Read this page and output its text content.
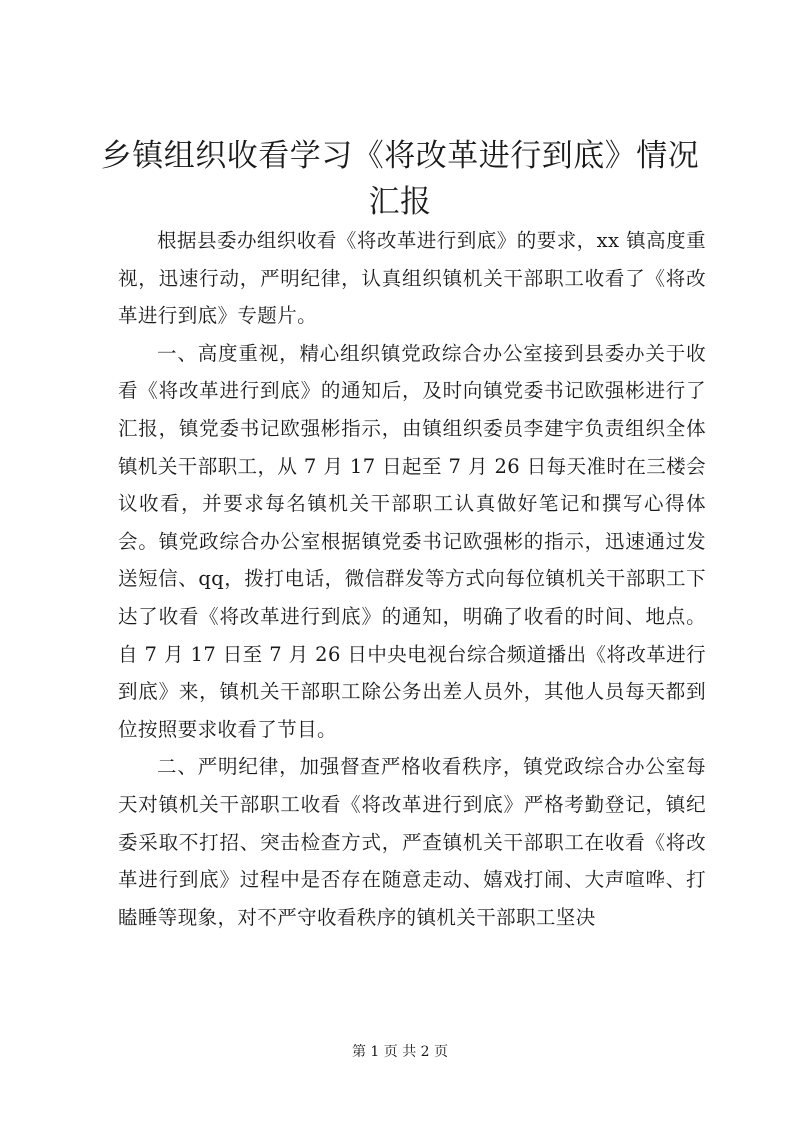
乡镇组织收看学习《将改革进行到底》情况汇报

根据县委办组织收看《将改革进行到底》的要求，xx 镇高度重视，迅速行动，严明纪律，认真组织镇机关干部职工收看了《将改革进行到底》专题片。

一、高度重视，精心组织镇党政综合办公室接到县委办关于收看《将改革进行到底》的通知后，及时向镇党委书记欧强彬进行了汇报，镇党委书记欧强彬指示，由镇组织委员李建宇负责组织全体镇机关干部职工，从 7 月 17 日起至 7 月 26 日每天准时在三楼会议收看，并要求每名镇机关干部职工认真做好笔记和撰写心得体会。镇党政综合办公室根据镇党委书记欧强彬的指示，迅速通过发送短信、qq，拨打电话，微信群发等方式向每位镇机关干部职工下达了收看《将改革进行到底》的通知，明确了收看的时间、地点。自 7 月 17 日至 7 月 26 日中央电视台综合频道播出《将改革进行到底》来，镇机关干部职工除公务出差人员外，其他人员每天都到位按照要求收看了节目。

二、严明纪律，加强督查严格收看秩序，镇党政综合办公室每天对镇机关干部职工收看《将改革进行到底》严格考勤登记，镇纪委采取不打招、突击检查方式，严查镇机关干部职工在收看《将改革进行到底》过程中是否存在随意走动、嬉戏打闹、大声喧哗、打瞌睡等现象，对不严守收看秩序的镇机关干部职工坚决

第 1 页 共 2 页
